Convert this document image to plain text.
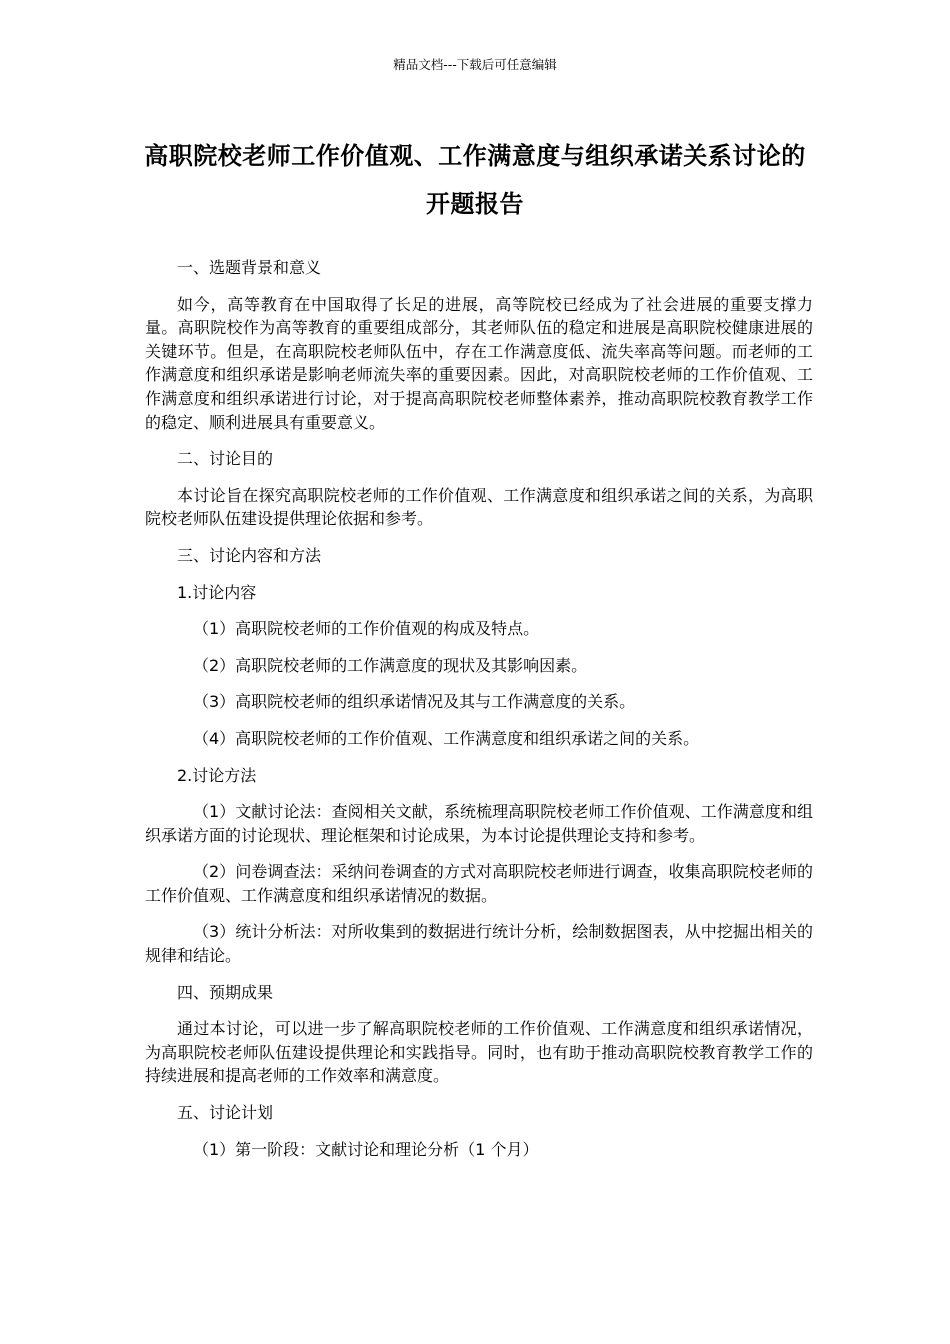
精品文档---下载后可任意编辑
高职院校老师工作价值观、工作满意度与组织承诺关系讨论的开题报告

一、选题背景和意义

如今，高等教育在中国取得了长足的进展，高等院校已经成为了社会进展的重要支撑力量。高职院校作为高等教育的重要组成部分，其老师队伍的稳定和进展是高职院校健康进展的关键环节。但是，在高职院校老师队伍中，存在工作满意度低、流失率高等问题。而老师的工作满意度和组织承诺是影响老师流失率的重要因素。因此，对高职院校老师的工作价值观、工作满意度和组织承诺进行讨论，对于提高高职院校老师整体素养，推动高职院校教育教学工作的稳定、顺利进展具有重要意义。

二、讨论目的

本讨论旨在探究高职院校老师的工作价值观、工作满意度和组织承诺之间的关系，为高职院校老师队伍建设提供理论依据和参考。

三、讨论内容和方法

1.讨论内容

（1）高职院校老师的工作价值观的构成及特点。

（2）高职院校老师的工作满意度的现状及其影响因素。

（3）高职院校老师的组织承诺情况及其与工作满意度的关系。

（4）高职院校老师的工作价值观、工作满意度和组织承诺之间的关系。

2.讨论方法

（1）文献讨论法：查阅相关文献，系统梳理高职院校老师工作价值观、工作满意度和组织承诺方面的讨论现状、理论框架和讨论成果，为本讨论提供理论支持和参考。

（2）问卷调查法：采纳问卷调查的方式对高职院校老师进行调查，收集高职院校老师的工作价值观、工作满意度和组织承诺情况的数据。

（3）统计分析法：对所收集到的数据进行统计分析，绘制数据图表，从中挖掘出相关的规律和结论。

四、预期成果

通过本讨论，可以进一步了解高职院校老师的工作价值观、工作满意度和组织承诺情况，为高职院校老师队伍建设提供理论和实践指导。同时，也有助于推动高职院校教育教学工作的持续进展和提高老师的工作效率和满意度。

五、讨论计划

（1）第一阶段：文献讨论和理论分析（1 个月）
